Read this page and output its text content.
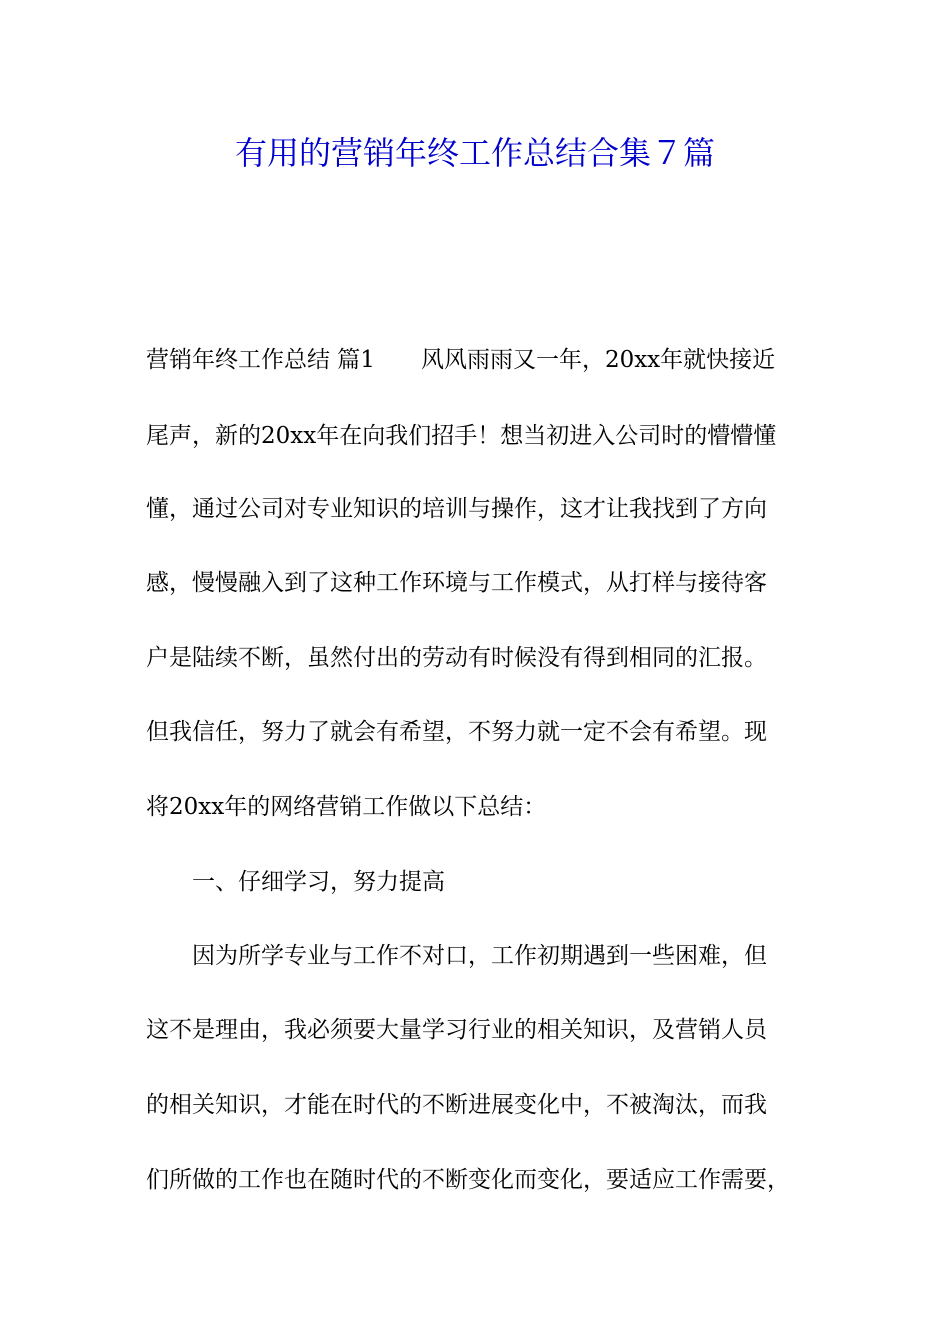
有用的营销年终工作总结合集７篇

营销年终工作总结 篇1　　风风雨雨又一年，20xx年就快接近

尾声，新的20xx年在向我们招手！想当初进入公司时的懵懵懂

懂，通过公司对专业知识的培训与操作，这才让我找到了方向

感，慢慢融入到了这种工作环境与工作模式，从打样与接待客

户是陆续不断，虽然付出的劳动有时候没有得到相同的汇报。

但我信任，努力了就会有希望，不努力就一定不会有希望。现

将20xx年的网络营销工作做以下总结：

一、仔细学习，努力提高

因为所学专业与工作不对口，工作初期遇到一些困难，但

这不是理由，我必须要大量学习行业的相关知识，及营销人员

的相关知识，才能在时代的不断进展变化中，不被淘汰，而我

们所做的工作也在随时代的不断变化而变化，要适应工作需要，
